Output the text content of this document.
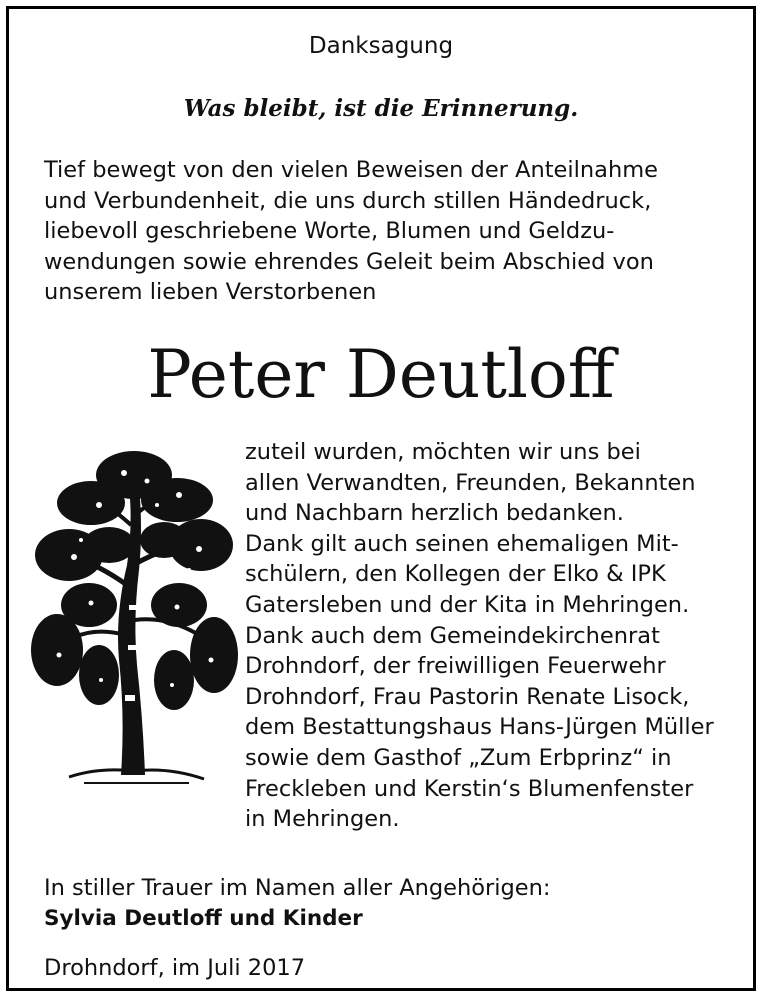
Danksagung
Was bleibt, ist die Erinnerung.
Tief bewegt von den vielen Beweisen der Anteilnahme
und Verbundenheit, die uns durch stillen Händedruck,
liebevoll geschriebene Worte, Blumen und Geldzu-
wendungen sowie ehrendes Geleit beim Abschied von
unserem lieben Verstorbenen
Peter Deutloff
zuteil wurden, möchten wir uns bei
allen Verwandten, Freunden, Bekannten
und Nachbarn herzlich bedanken.
Dank gilt auch seinen ehemaligen Mit-
schülern, den Kollegen der Elko & IPK
Gatersleben und der Kita in Mehringen.
Dank auch dem Gemeindekirchenrat
Drohndorf, der freiwilligen Feuerwehr
Drohndorf, Frau Pastorin Renate Lisock,
dem Bestattungshaus Hans-Jürgen Müller
sowie dem Gasthof „Zum Erbprinz“ in
Freckleben und Kerstin‘s Blumenfenster
in Mehringen.
In stiller Trauer im Namen aller Angehörigen:
Sylvia Deutloff und Kinder
Drohndorf, im Juli 2017
